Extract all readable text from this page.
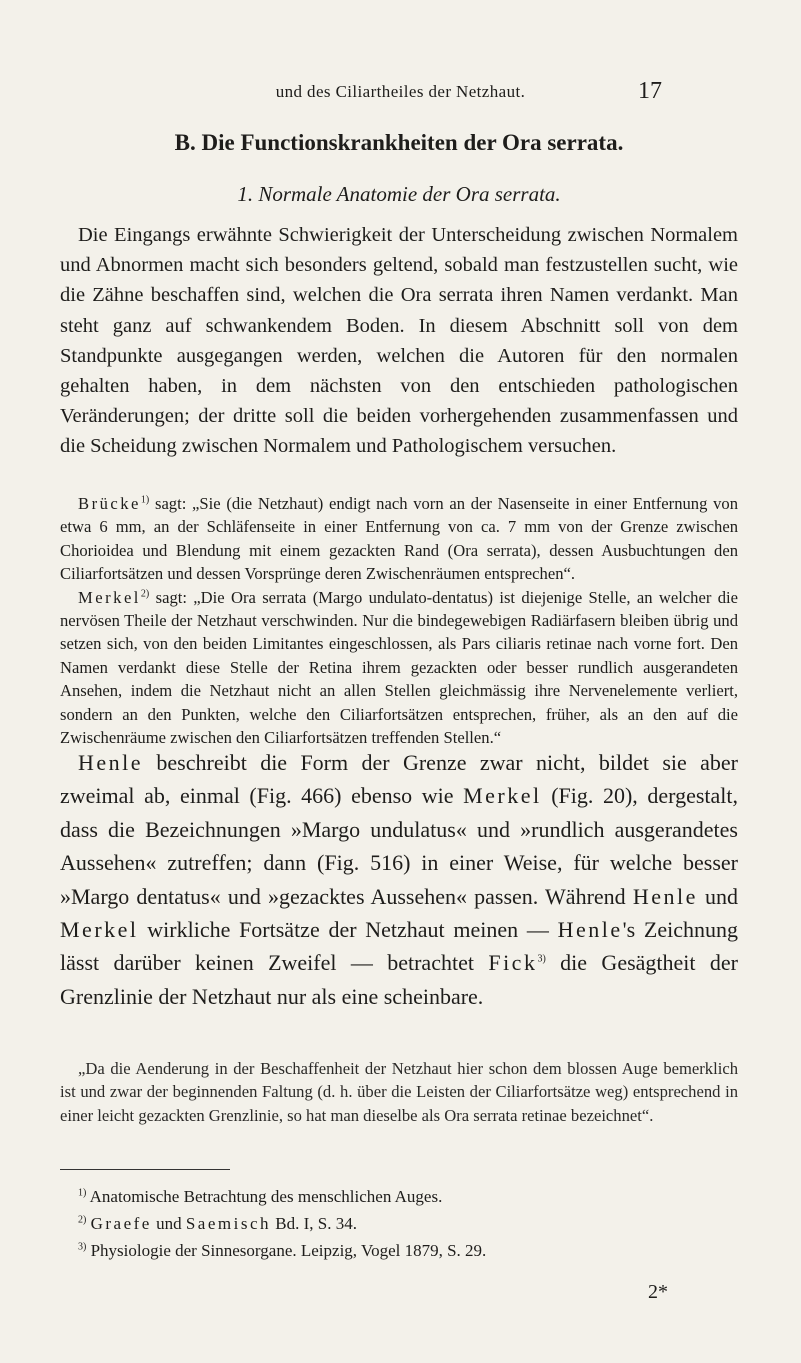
und des Ciliartheiles der Netzhaut.	17
B. Die Functionskrankheiten der Ora serrata.
1. Normale Anatomie der Ora serrata.

Die Eingangs erwähnte Schwierigkeit der Unterscheidung zwischen Normalem und Abnormen macht sich besonders geltend, sobald man festzustellen sucht, wie die Zähne beschaffen sind, welchen die Ora serrata ihren Namen verdankt. Man steht ganz auf schwankendem Boden. In diesem Abschnitt soll von dem Standpunkte ausgegangen werden, welchen die Autoren für den normalen gehalten haben, in dem nächsten von den entschieden pathologischen Veränderungen; der dritte soll die beiden vorhergehenden zusammenfassen und die Scheidung zwischen Normalem und Pathologischem versuchen.

Brücke$^{1)}$ sagt: „Sie (die Netzhaut) endigt nach vorn an der Nasenseite in einer Entfernung von etwa 6 mm, an der Schläfenseite in einer Entfernung von ca. 7 mm von der Grenze zwischen Chorioidea und Blendung mit einem gezackten Rand (Ora serrata), dessen Ausbuchtungen den Ciliarfortsätzen und dessen Vorsprünge deren Zwischenräumen entsprechen“.

Merkel$^{2)}$ sagt: „Die Ora serrata (Margo undulato-dentatus) ist diejenige Stelle, an welcher die nervösen Theile der Netzhaut verschwinden. Nur die bindegewebigen Radiärfasern bleiben übrig und setzen sich, von den beiden Limitantes eingeschlossen, als Pars ciliaris retinae nach vorne fort. Den Namen verdankt diese Stelle der Retina ihrem gezackten oder besser rundlich ausgerandeten Ansehen, indem die Netzhaut nicht an allen Stellen gleichmässig ihre Nervenelemente verliert, sondern an den Punkten, welche den Ciliarfortsätzen entsprechen, früher, als an den auf die Zwischenräume zwischen den Ciliarfortsätzen treffenden Stellen.“

Henle beschreibt die Form der Grenze zwar nicht, bildet sie aber zweimal ab, einmal (Fig. 466) ebenso wie Merkel (Fig. 20), dergestalt, dass die Bezeichnungen »Margo undulatus« und »rundlich ausgerandetes Aussehen« zutreffen; dann (Fig. 516) in einer Weise, für welche besser »Margo dentatus« und »gezacktes Aussehen« passen. Während Henle und Merkel wirkliche Fortsätze der Netzhaut meinen — Henle's Zeichnung lässt darüber keinen Zweifel — betrachtet Fick$^{3)}$ die Gesägtheit der Grenzlinie der Netzhaut nur als eine scheinbare.

„Da die Aenderung in der Beschaffenheit der Netzhaut hier schon dem blossen Auge bemerklich ist und zwar der beginnenden Faltung (d. h. über die Leisten der Ciliarfortsätze weg) entsprechend in einer leicht gezackten Grenzlinie, so hat man dieselbe als Ora serrata retinae bezeichnet“.

$^{1)}$ Anatomische Betrachtung des menschlichen Auges.

$^{2)}$ Graefe und Saemisch Bd. I, S. 34.

$^{3)}$ Physiologie der Sinnesorgane. Leipzig, Vogel 1879, S. 29.

2*
